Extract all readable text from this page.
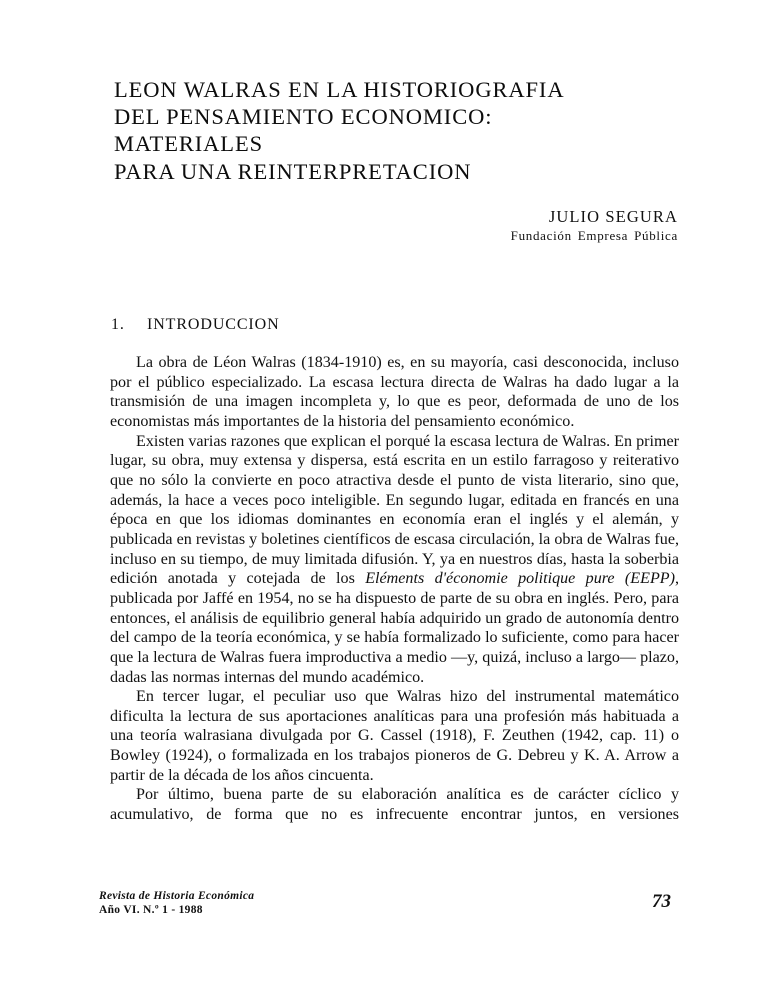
LEON WALRAS EN LA HISTORIOGRAFIA
DEL PENSAMIENTO ECONOMICO:
MATERIALES
PARA UNA REINTERPRETACION
JULIO SEGURA
Fundación Empresa Pública
1. INTRODUCCION

La obra de Léon Walras (1834-1910) es, en su mayoría, casi desconocida, incluso por el público especializado. La escasa lectura directa de Walras ha dado lugar a la transmisión de una imagen incompleta y, lo que es peor, deformada de uno de los economistas más importantes de la historia del pensamiento económico.

Existen varias razones que explican el porqué la escasa lectura de Walras. En primer lugar, su obra, muy extensa y dispersa, está escrita en un estilo farragoso y reiterativo que no sólo la convierte en poco atractiva desde el punto de vista literario, sino que, además, la hace a veces poco inteligible. En segundo lugar, editada en francés en una época en que los idiomas dominantes en economía eran el inglés y el alemán, y publicada en revistas y boletines científicos de escasa circulación, la obra de Walras fue, incluso en su tiempo, de muy limitada difusión. Y, ya en nuestros días, hasta la soberbia edición anotada y cotejada de los Eléments d'économie politique pure (EEPP), publicada por Jaffé en 1954, no se ha dispuesto de parte de su obra en inglés. Pero, para entonces, el análisis de equilibrio general había adquirido un grado de autonomía dentro del campo de la teoría económica, y se había formalizado lo suficiente, como para hacer que la lectura de Walras fuera improductiva a medio —y, quizá, incluso a largo— plazo, dadas las normas internas del mundo académico.

En tercer lugar, el peculiar uso que Walras hizo del instrumental matemático dificulta la lectura de sus aportaciones analíticas para una profesión más habituada a una teoría walrasiana divulgada por G. Cassel (1918), F. Zeuthen (1942, cap. 11) o Bowley (1924), o formalizada en los trabajos pioneros de G. Debreu y K. A. Arrow a partir de la década de los años cincuenta.

Por último, buena parte de su elaboración analítica es de carácter cíclico y acumulativo, de forma que no es infrecuente encontrar juntos, en versiones

Revista de Historia Económica
Año VI. N.º 1 - 1988	73
